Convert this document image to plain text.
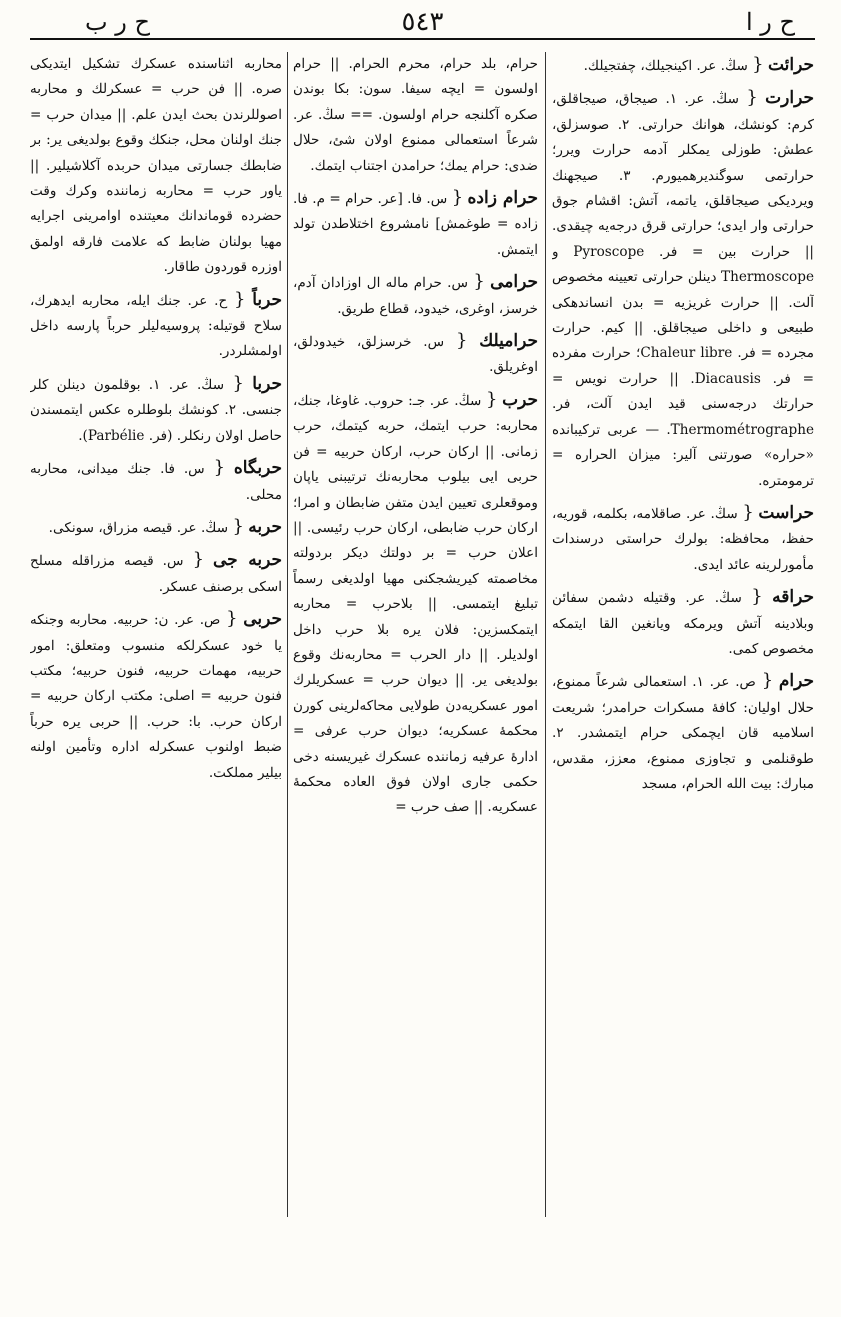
ح ر ا
٥٤٣
ح ر ب
حرائت { سڭ. عر. اكينجيلك، چفتجيلك.
حرارت { سڭ. عر. ١. صيجاق، صيجاقلق، كرم: كونشك، هوانك حرارتى. ٢. صوسزلق، عطش: طوزلى يمكلر آدمه حرارت ويرر؛ حرارتمى سوگنديرهميورم. ٣. صيجهنك ويرديكى صيجاقلق، ياتمه، آتش: اقشام جوق حرارتى وار ايدى؛ حرارتى قرق درجه‌يه چيقدى. || حرارت بين = فر. Pyroscope و Thermoscope دينلن حرارتى تعيينه مخصوص آلت. || حرارت غريزيه = بدن انساندهكى طبيعى و داخلى صيجاقلق. || كيم. حرارت مجرده = فر. Chaleur libre؛ حرارت مفرده = فر. Diacausis. || حرارت نويس = حرارتك درجه‌سنى قيد ايدن آلت، فر. Thermométrographe. — عربى تركيبانده «حراره» صورتنى آلير: ميزان الحراره = ترمومتره.
حراست { سڭ. عر. صاقلامه، بكلمه، قوريه، حفظ، محافظه: بولرك حراستى درسندات مأمورلرينه عائد ايدى.
حراقه { سڭ. عر. وقتيله دشمن سفائن وبلادينه آتش ويرمكه ويانغين القا ايتمكه مخصوص كمى.
حرام { ص. عر. ١. استعمالى شرعاً ممنوع، حلال اوليان: كافهٔ مسكرات حرامدر؛ شريعت اسلاميه قان ايچمكى حرام ايتمشدر. ٢. طوقنلمى و تجاوزى ممنوع، معزز، مقدس، مبارك: بيت الله الحرام، مسجد
حرام، بلد حرام، محرم الحرام. || حرام اولسون = ايچه سيفا. سون: بكا بوندن صكره آكلنجه حرام اولسون. == سڭ. عر. شرعاً استعمالى ممنوع اولان شئ، حلال ضدى: حرام يمك؛ حرامدن اجتناب ايتمك.
حرام زاده { س. فا. [عر. حرام = م. فا. زاده = طوغمش] نامشروع اختلاطدن تولد ايتمش.
حرامى { س. حرام ماله ال اوزادان آدم، خرسز، اوغرى، خيدود، قطاع طريق.
حراميلك { س. خرسزلق، خيدودلق، اوغريلق.
حرب { سڭ. عر. جـ: حروب. غاوغا، جنك، محاربه: حرب ايتمك، حربه كيتمك، حرب زمانى. || اركان حرب، اركان حربيه = فن حربى ايى بيلوب محاربه‌نك ترتيبنى ياپان وموقعلرى تعيين ايدن متفن ضابطان و امرا؛ اركان حرب ضابطى، اركان حرب رئيسى. || اعلان حرب = بر دولتك ديكر بردولته مخاصمته كيريشجكنى مهيا اولديغى رسماً تبليغ ايتمسى. || بلاحرب = محاربه ايتمكسزين: فلان يره بلا حرب داخل اولديلر. || دار الحرب = محاربه‌نك وقوع بولديغى ير. || ديوان حرب = عسكريلرك امور عسكريه‌دن طولايى محاكه‌لرينى كورن محكمهٔ عسكريه؛ ديوان حرب عرفى = ادارهٔ عرفيه زماننده عسكرك غيريسنه دخى حكمى جارى اولان فوق العاده محكمهٔ عسكريه. || صف حرب =
محاربه اثناسنده عسكرك تشكيل ايتديكى صره. || فن حرب = عسكرلك و محاربه اصوللرندن بحث ايدن علم. || ميدان حرب = جنك اولنان محل، جنكك وقوع بولديغى ير: بر ضابطك جسارتى ميدان حربده آكلاشيلير. || ياور حرب = محاربه زماننده وكرك وقت حضرده قوماندانك معيتنده اوامرينى اجرايه مهيا بولنان ضابط كه علامت فارقه اولمق اوزره قوردون طاقار.
حرباً { ح. عر. جنك ايله، محاربه ايدهرك، سلاح قوتيله: پروسيه‌ليلر حرباً پارسه داخل اولمشلردر.
حربا { سڭ. عر. ١. بوقلمون دينلن كلر جنسى. ٢. كونشك بلوطلره عكس ايتمسندن حاصل اولان رنكلر. (فر. Parbélie).
حربگاه { س. فا. جنك ميدانى، محاربه محلى.
حربه { سڭ. عر. قيصه مزراق، سونكى.
حربه جى { س. قيصه مزراقله مسلح اسكى برصنف عسكر.
حربى { ص. عر. ن: حربيه. محاربه وجنكه يا خود عسكرلكه منسوب ومتعلق: امور حربيه، مهمات حربيه، فنون حربيه؛ مكتب فنون حربيه = اصلى: مكتب اركان حربيه = اركان حرب. با: حرب. || حربى يره حرباً ضبط اولنوب عسكرله اداره وتأمين اولنه بيلير مملكت.
